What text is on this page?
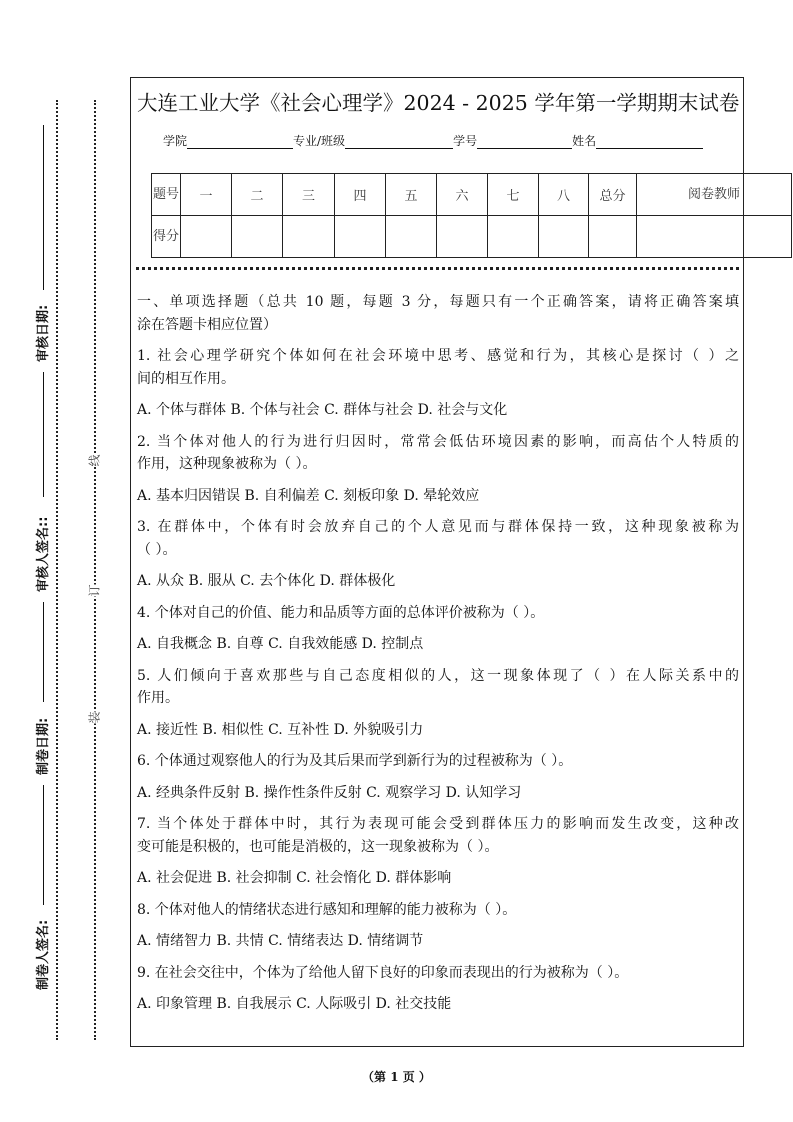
审核日期:
审核人签名::
制卷日期:
制卷人签名:
线
订
装
大连工业大学《社会心理学》2024 - 2025 学年第一学期期末试卷
学院	专业/班级	学号	姓名
题号	一	二	三	四	五	六	七	八	总分	阅卷教师
得分										
一、单项选择题（总共 10 题，每题 3 分，每题只有一个正确答案，请将正确答案填
涂在答题卡相应位置）
1. 社会心理学研究个体如何在社会环境中思考、感觉和行为，其核心是探讨（ ）之
间的相互作用。
A. 个体与群体 B. 个体与社会 C. 群体与社会 D. 社会与文化
2. 当个体对他人的行为进行归因时，常常会低估环境因素的影响，而高估个人特质的
作用，这种现象被称为（ ）。
A. 基本归因错误 B. 自利偏差 C. 刻板印象 D. 晕轮效应
3. 在群体中，个体有时会放弃自己的个人意见而与群体保持一致，这种现象被称为
（ ）。
A. 从众 B. 服从 C. 去个体化 D. 群体极化
4. 个体对自己的价值、能力和品质等方面的总体评价被称为（ ）。
A. 自我概念 B. 自尊 C. 自我效能感 D. 控制点
5. 人们倾向于喜欢那些与自己态度相似的人，这一现象体现了（ ）在人际关系中的
作用。
A. 接近性 B. 相似性 C. 互补性 D. 外貌吸引力
6. 个体通过观察他人的行为及其后果而学到新行为的过程被称为（ ）。
A. 经典条件反射 B. 操作性条件反射 C. 观察学习 D. 认知学习
7. 当个体处于群体中时，其行为表现可能会受到群体压力的影响而发生改变，这种改
变可能是积极的，也可能是消极的，这一现象被称为（ ）。
A. 社会促进 B. 社会抑制 C. 社会惰化 D. 群体影响
8. 个体对他人的情绪状态进行感知和理解的能力被称为（ ）。
A. 情绪智力 B. 共情 C. 情绪表达 D. 情绪调节
9. 在社会交往中，个体为了给他人留下良好的印象而表现出的行为被称为（ ）。
A. 印象管理 B. 自我展示 C. 人际吸引 D. 社交技能
（第 1 页 ）
